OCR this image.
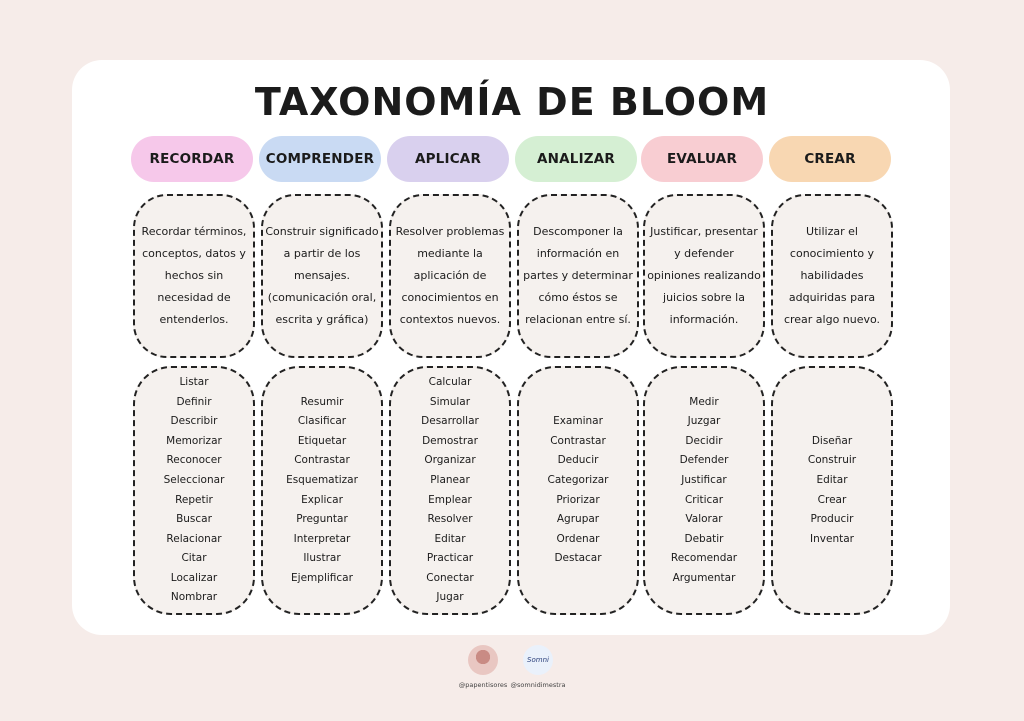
TAXONOMÍA DE BLOOM
RECORDAR
Recordar términos, conceptos, datos y hechos sin necesidad de entenderlos.
Listar
Definir
Describir
Memorizar
Reconocer
Seleccionar
Repetir
Buscar
Relacionar
Citar
Localizar
Nombrar
COMPRENDER
Construir significado a partir de los mensajes. (comunicación oral, escrita y gráfica)
Resumir
Clasificar
Etiquetar
Contrastar
Esquematizar
Explicar
Preguntar
Interpretar
Ilustrar
Ejemplificar
APLICAR
Resolver problemas mediante la aplicación de conocimientos en contextos nuevos.
Calcular
Simular
Desarrollar
Demostrar
Organizar
Planear
Emplear
Resolver
Editar
Practicar
Conectar
Jugar
ANALIZAR
Descomponer la información en partes y determinar cómo éstos se relacionan entre sí.
Examinar
Contrastar
Deducir
Categorizar
Priorizar
Agrupar
Ordenar
Destacar
EVALUAR
Justificar, presentar y defender opiniones realizando juicios sobre la información.
Medir
Juzgar
Decidir
Defender
Justificar
Criticar
Valorar
Debatir
Recomendar
Argumentar
CREAR
Utilizar el conocimiento y habilidades adquiridas para crear algo nuevo.
Diseñar
Construir
Editar
Crear
Producir
Inventar
@papentisores
Somni
@somnidimestra
